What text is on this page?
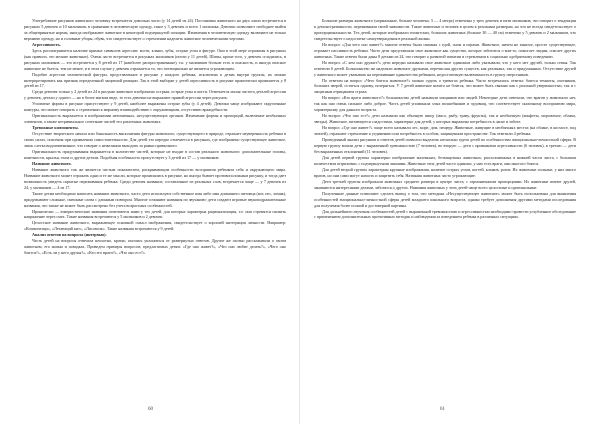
Употребление рисунков животного человеку встречается довольно часто (у 14 детей из 24). Постановка животного на двух лапах встречается в рисунках 5 девочек и 10 мальчиков, в сравнении в человеческую одежду, такое у 3 девочек и всего 1 мальчика. Девочки позволяют свободнее выйти за общепринятые нормы, иногда изображают животное в некоторой подчеркнутой позиции. Изменения в человеческую одежду включают не только верхнюю одежду, но и головные уборы, обувь, что свидетельствует о стремлении наделить животное человеческими чертами.

Агрессивность.

Здесь рассматривается наличие прямых символов агрессии: когти, клыки, зубы, острые углы в фигуре. Они в этой мере отражены в рисунках (как правило, это мелкие животные). Очень часто встречается в рисунках мальчиков (почти у 11 детей). Шипы, кроме того, у девочек сгладились, в рисунках мальчиков — это встречается у 8 детей из 17 (наиболее распространенные), т.к. у мальчиков больше есть и опасность, и иногда опасное животное не бьется, тем не менее, и в этом случае у девочек отражается то, что потенциально не является угрожающим.

Подобие агрессии человеческой фигуры, представленное в рисунке у каждого ребенка, исключена к детям внутри группы, их можно интерпретировать как признак определенной защитной реакции. Так в этой выборке у детей агрессивность в рисунке практически проявляется у 8 детей из 17.

Среди девочек только у 2 детей из 24 в рисунке животное изображено острым, острые углы и когти. Отмечается малая частота деталей агрессии у девочек, детали у одного — но в более мягком виде, то есть девочки не выражают прямой агрессии через рисунок.

Угловатые формы в рисунке присутствуют у 9 детей, наиболее выражены острые зубы (у 4 детей). Девочки чаще изображают скругленные контуры, что может говорить о стремлении к мирному взаимодействию с окружающими, отсутствию враждебности.

Оригинальность выражается в изображении нетипичных, несуществующих органов. Изменение формы и пропорций, включение необычных элементов, а также нетривиальное сочетание частей тел различных животных.

Тревожные компоненты.

Отсутствие творческого начала или банальность выполнения фигуры животного, существующего в природе, отражает неуверенность ребенка в своих силах, опасения при проявлении самостоятельности. Для детей это нередко отмечается в рисунках, где изображено существующее животное, лишь слегка видоизмененное, что говорит о нежелании выходить за рамки привычного.

Оригинальность придумывания выражается в количестве частей, которые не входят в состав реального животного: дополнительные головы, конечности, крылья, глаза и другие детали. Подобная особенность присутствует у 3 детей из 17 — у мальчиков.

Название животного.

Название животного так же является частым показателем, раскрывающим особенности восприятия ребенком себя и окружающего мира. Название животного может отражать одни и те же мысли, которые проявлялись в рисунке, но иногда бывает противоположным рисунку, и тогда дает возможность увидеть скрытые переживания ребенка. Среди девочек название, составленное из реальных слов, встречается чаще — у 7 девочек из 24, у мальчиков — 4 из 17.

Также детям необходимо написать название животного, часто дети используют собственное имя либо имя домашнего питомца (кот, пес, хомяк), придумывают сложные, смешные слова с длинным повтором. Многие сочиняют названия по звучанию: дети создают игровые звукоподражательные названия, что также не может быть рассмотрено без учета возрастных особенностей.

Иронически — юмористические названия отмечаются нами у тех детей, для которых характерна рационализация, т.е. они стремятся снизить напряжение через смех. Такие названия встречаются у 5 мальчиков и 2 девочек.

Целостное название животного, выражающее основной смысл изображения, свидетельствует о хорошей интеграции личности. Например: «Кошкоптица», «Летающий кит», «Лисоволк». Такие названия встречаются у 9 детей.

Анализ ответов на вопросы (интервью).

Часть детей на вопросы отвечала неохотно, кратко, пытаясь уклониться от развернутых ответов. Другие же охотно рассказывали о своем животном, его жизни и повадках. Приведем примеры вопросов, предлагаемых детям: «Где оно живет?», «Что оно любит делать?», «Чего оно боится?», «Есть ли у него друзья?», «Кто его враги?», «Что оно ест?».

60

Большие размеры животного (нормальные, больше человека, 3 — 4 метра) отмечены у трех девочек и пяти мальчиков, что говорит о тенденции к демонстративности, переживании своей значимости. Такие животные и человек в целом к реальным размерам, но что не всегда свидетельствует о пропорциональности. Тех детей, которые изображали гигантских, больших животных (больше 30 — 40 см) отмечено у 5 девочек и 2 мальчиков, что свидетельствует о недостатке самоутверждения в реальной жизни.

На вопрос «Для чего оно живет?» многие ответы были связаны с едой, сном и играми. Животное, ничем не занятое, просто существующее, отражает пассивность ребенка. Часто дети представляли свое животное как существо, которое заботится о ком-то, помогает людям, спасает других животных. Такие ответы были даны 8 детьми из 24, что говорит о развитой эмпатии и стремлении к социально одобряемому поведению.

На вопрос «С кем оно дружит?» дети нередко называли свое животное одиноким либо указывали, что у него нет друзей, только семья. Так ответили 6 детей. Большинство же наделяли животное друзьями, перечисляя других существ, как реальных, так и придуманных. Отсутствие друзей у животного может указывать на переживание одиночества ребенком, недостаточную включенность в группу сверстников.

По ответам на вопрос «Чего боится животное?» можно судить о тревогах ребенка. Часто встречались ответы: боится темноты, охотников, больших зверей, остаться одному, потеряться. У 7 детей животное ничего не боится, что может быть связано как с реальной уверенностью, так и с защитным отрицанием страха.

На вопрос «Кто враги животного?» большинство детей называли хищников или людей. Некоторые дети отвечали, что врагов у животного нет, так как оно очень сильное либо доброе. Часть детей упоминала злых волшебников и чудовищ, что соответствует сказочному восприятию мира, характерному для данного возраста.

На вопрос «Что оно ест?» дети называли как обычную пищу (мясо, рыбу, траву, фрукты), так и необычную (конфеты, мороженое, облака, звезды). Животное, питающееся сладостями, характерно для детей, у которых выражена потребность в ласке и заботе.

На вопрос «Где оно живет?» чаще всего называли лес, море, дом, пещеру. Животные, живущие в необычных местах (на облаке, в космосе, под землей), отражают стремление к уединению или потребность в особом, защищенном пространстве. Так ответили 4 ребенка.

Проведенный анализ рисунков и ответов детей позволил выделить несколько групп детей по особенностям эмоционально-личностной сферы. В первую группу вошли дети с выраженной тревожностью (7 человек), во вторую — дети с признаками агрессивности (6 человек), в третью — дети без выраженных отклонений (11 человек).

Для детей первой группы характерно изображение маленьких, беззащитных животных, расположенных в нижней части листа, с большим количеством штриховки, с подчеркнутыми линиями. Животные этих детей часто одиноки, у них есть враги, они многого боятся.

Для детей второй группы характерны крупные изображения, наличие острых углов, когтей, клыков, рогов. Их животные сильные, у них много врагов, но они сами могут напасть и защитить себя. Названия животных часто угрожающие.

Дети третьей группы изображали животных среднего размера в центре листа, с гармоничными пропорциями. Их животные имеют друзей, занимаются интересными делами, заботятся о других. Названия животных у этих детей чаще всего целостные и оригинальные.

Полученные данные позволяют сделать вывод о том, что методика «Несуществующее животное» может быть использована для выявления особенностей эмоционально-личностной сферы детей младшего школьного возраста, однако требует дополнения другими методами исследования для получения более полной и достоверной картины.

Для дальнейшего изучения особенностей детей с выраженной тревожностью и агрессивностью необходимо провести углубленное обследование с применением дополнительных проективных методик и наблюдения за поведением ребенка в различных ситуациях.

61
